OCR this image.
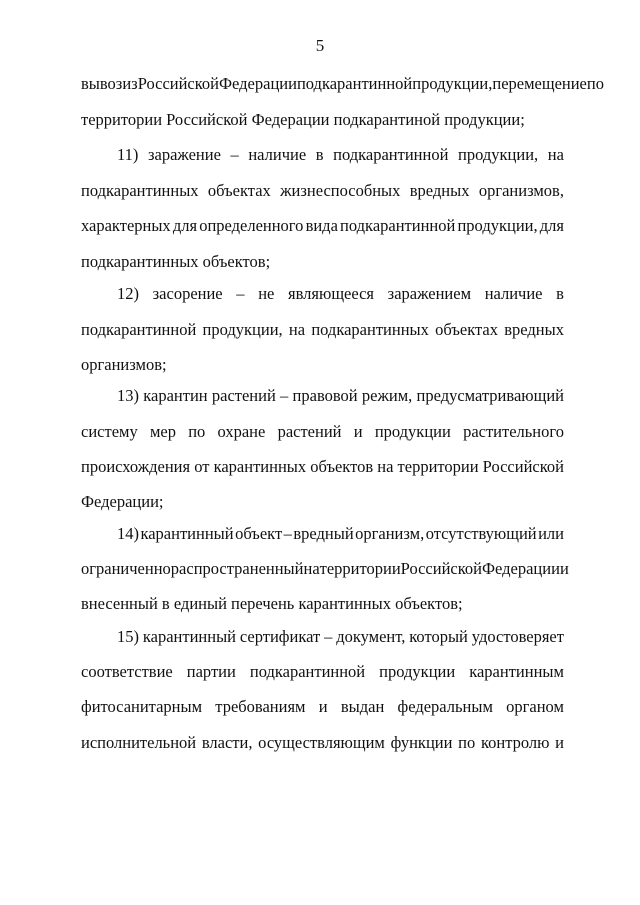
5
вывоз из Российской Федерации подкарантинной продукции, перемещение по
территории Российской Федерации подкарантиной продукции;
11) заражение – наличие в подкарантинной продукции, на
подкарантинных объектах жизнеспособных вредных организмов,
характерных для определенного вида подкарантинной продукции, для
подкарантинных объектов;
12) засорение – не являющееся заражением наличие в
подкарантинной продукции, на подкарантинных объектах вредных
организмов;
13) карантин растений – правовой режим, предусматривающий
систему мер по охране растений и продукции растительного
происхождения от карантинных объектов на территории Российской
Федерации;
14) карантинный объект – вредный организм, отсутствующий или
ограниченно распространенный на территории Российской Федерации и
внесенный в единый перечень карантинных объектов;
15) карантинный сертификат – документ, который удостоверяет
соответствие партии подкарантинной продукции карантинным
фитосанитарным требованиям и выдан федеральным органом
исполнительной власти, осуществляющим функции по контролю и
